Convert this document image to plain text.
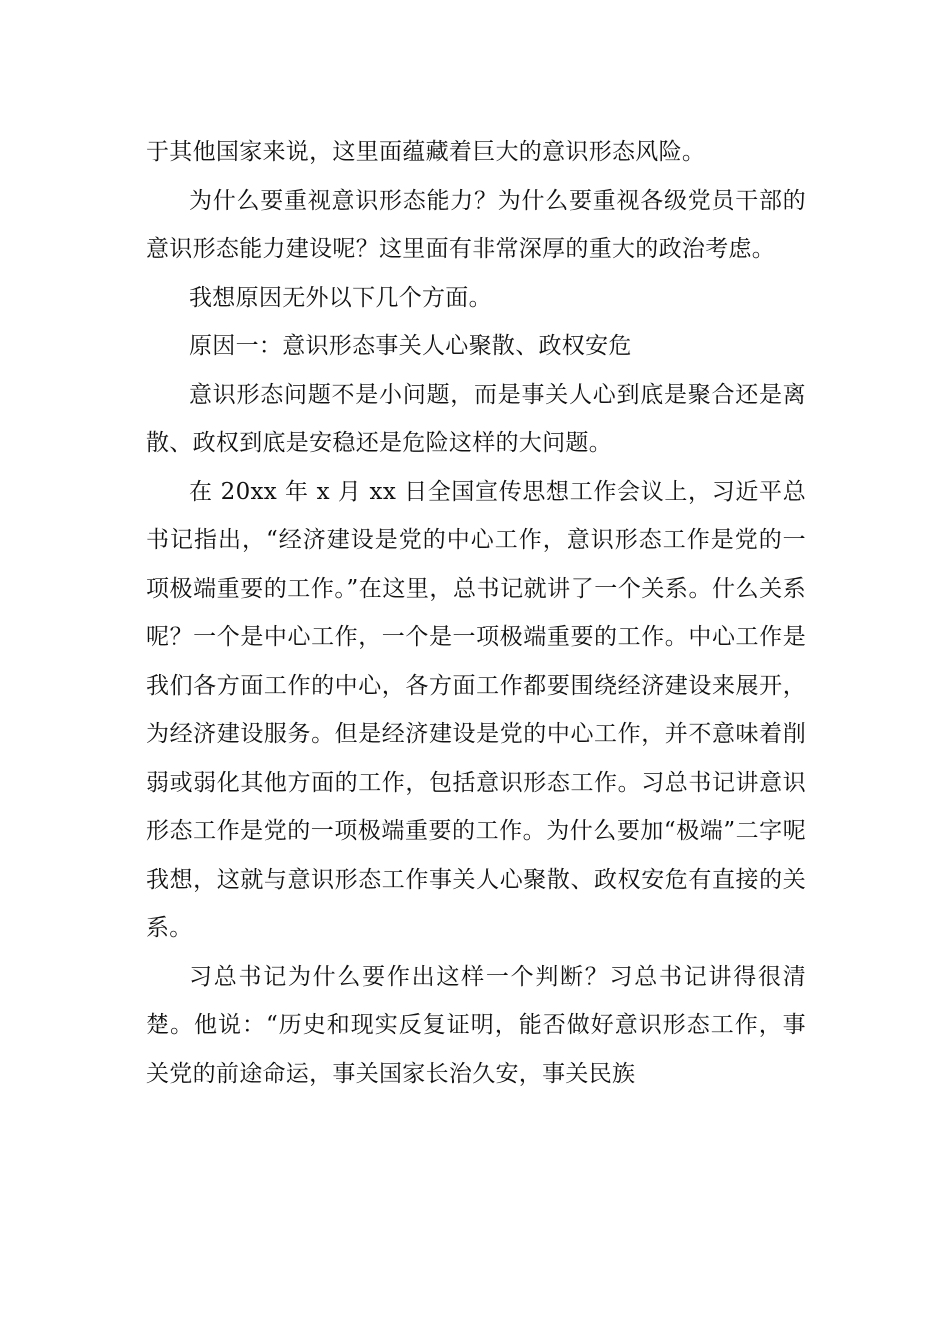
于其他国家来说，这里面蕴藏着巨大的意识形态风险。

为什么要重视意识形态能力？为什么要重视各级党员干部的意识形态能力建设呢？这里面有非常深厚的重大的政治考虑。

我想原因无外以下几个方面。

原因一：意识形态事关人心聚散、政权安危

意识形态问题不是小问题，而是事关人心到底是聚合还是离散、政权到底是安稳还是危险这样的大问题。

在 20xx 年 x 月 xx 日全国宣传思想工作会议上，习近平总书记指出，“经济建设是党的中心工作，意识形态工作是党的一项极端重要的工作。”在这里，总书记就讲了一个关系。什么关系呢？一个是中心工作，一个是一项极端重要的工作。中心工作是我们各方面工作的中心，各方面工作都要围绕经济建设来展开，为经济建设服务。但是经济建设是党的中心工作，并不意味着削弱或弱化其他方面的工作，包括意识形态工作。习总书记讲意识形态工作是党的一项极端重要的工作。为什么要加“极端”二字呢我想，这就与意识形态工作事关人心聚散、政权安危有直接的关系。

习总书记为什么要作出这样一个判断？习总书记讲得很清楚。他说：“历史和现实反复证明，能否做好意识形态工作，事关党的前途命运，事关国家长治久安，事关民族
